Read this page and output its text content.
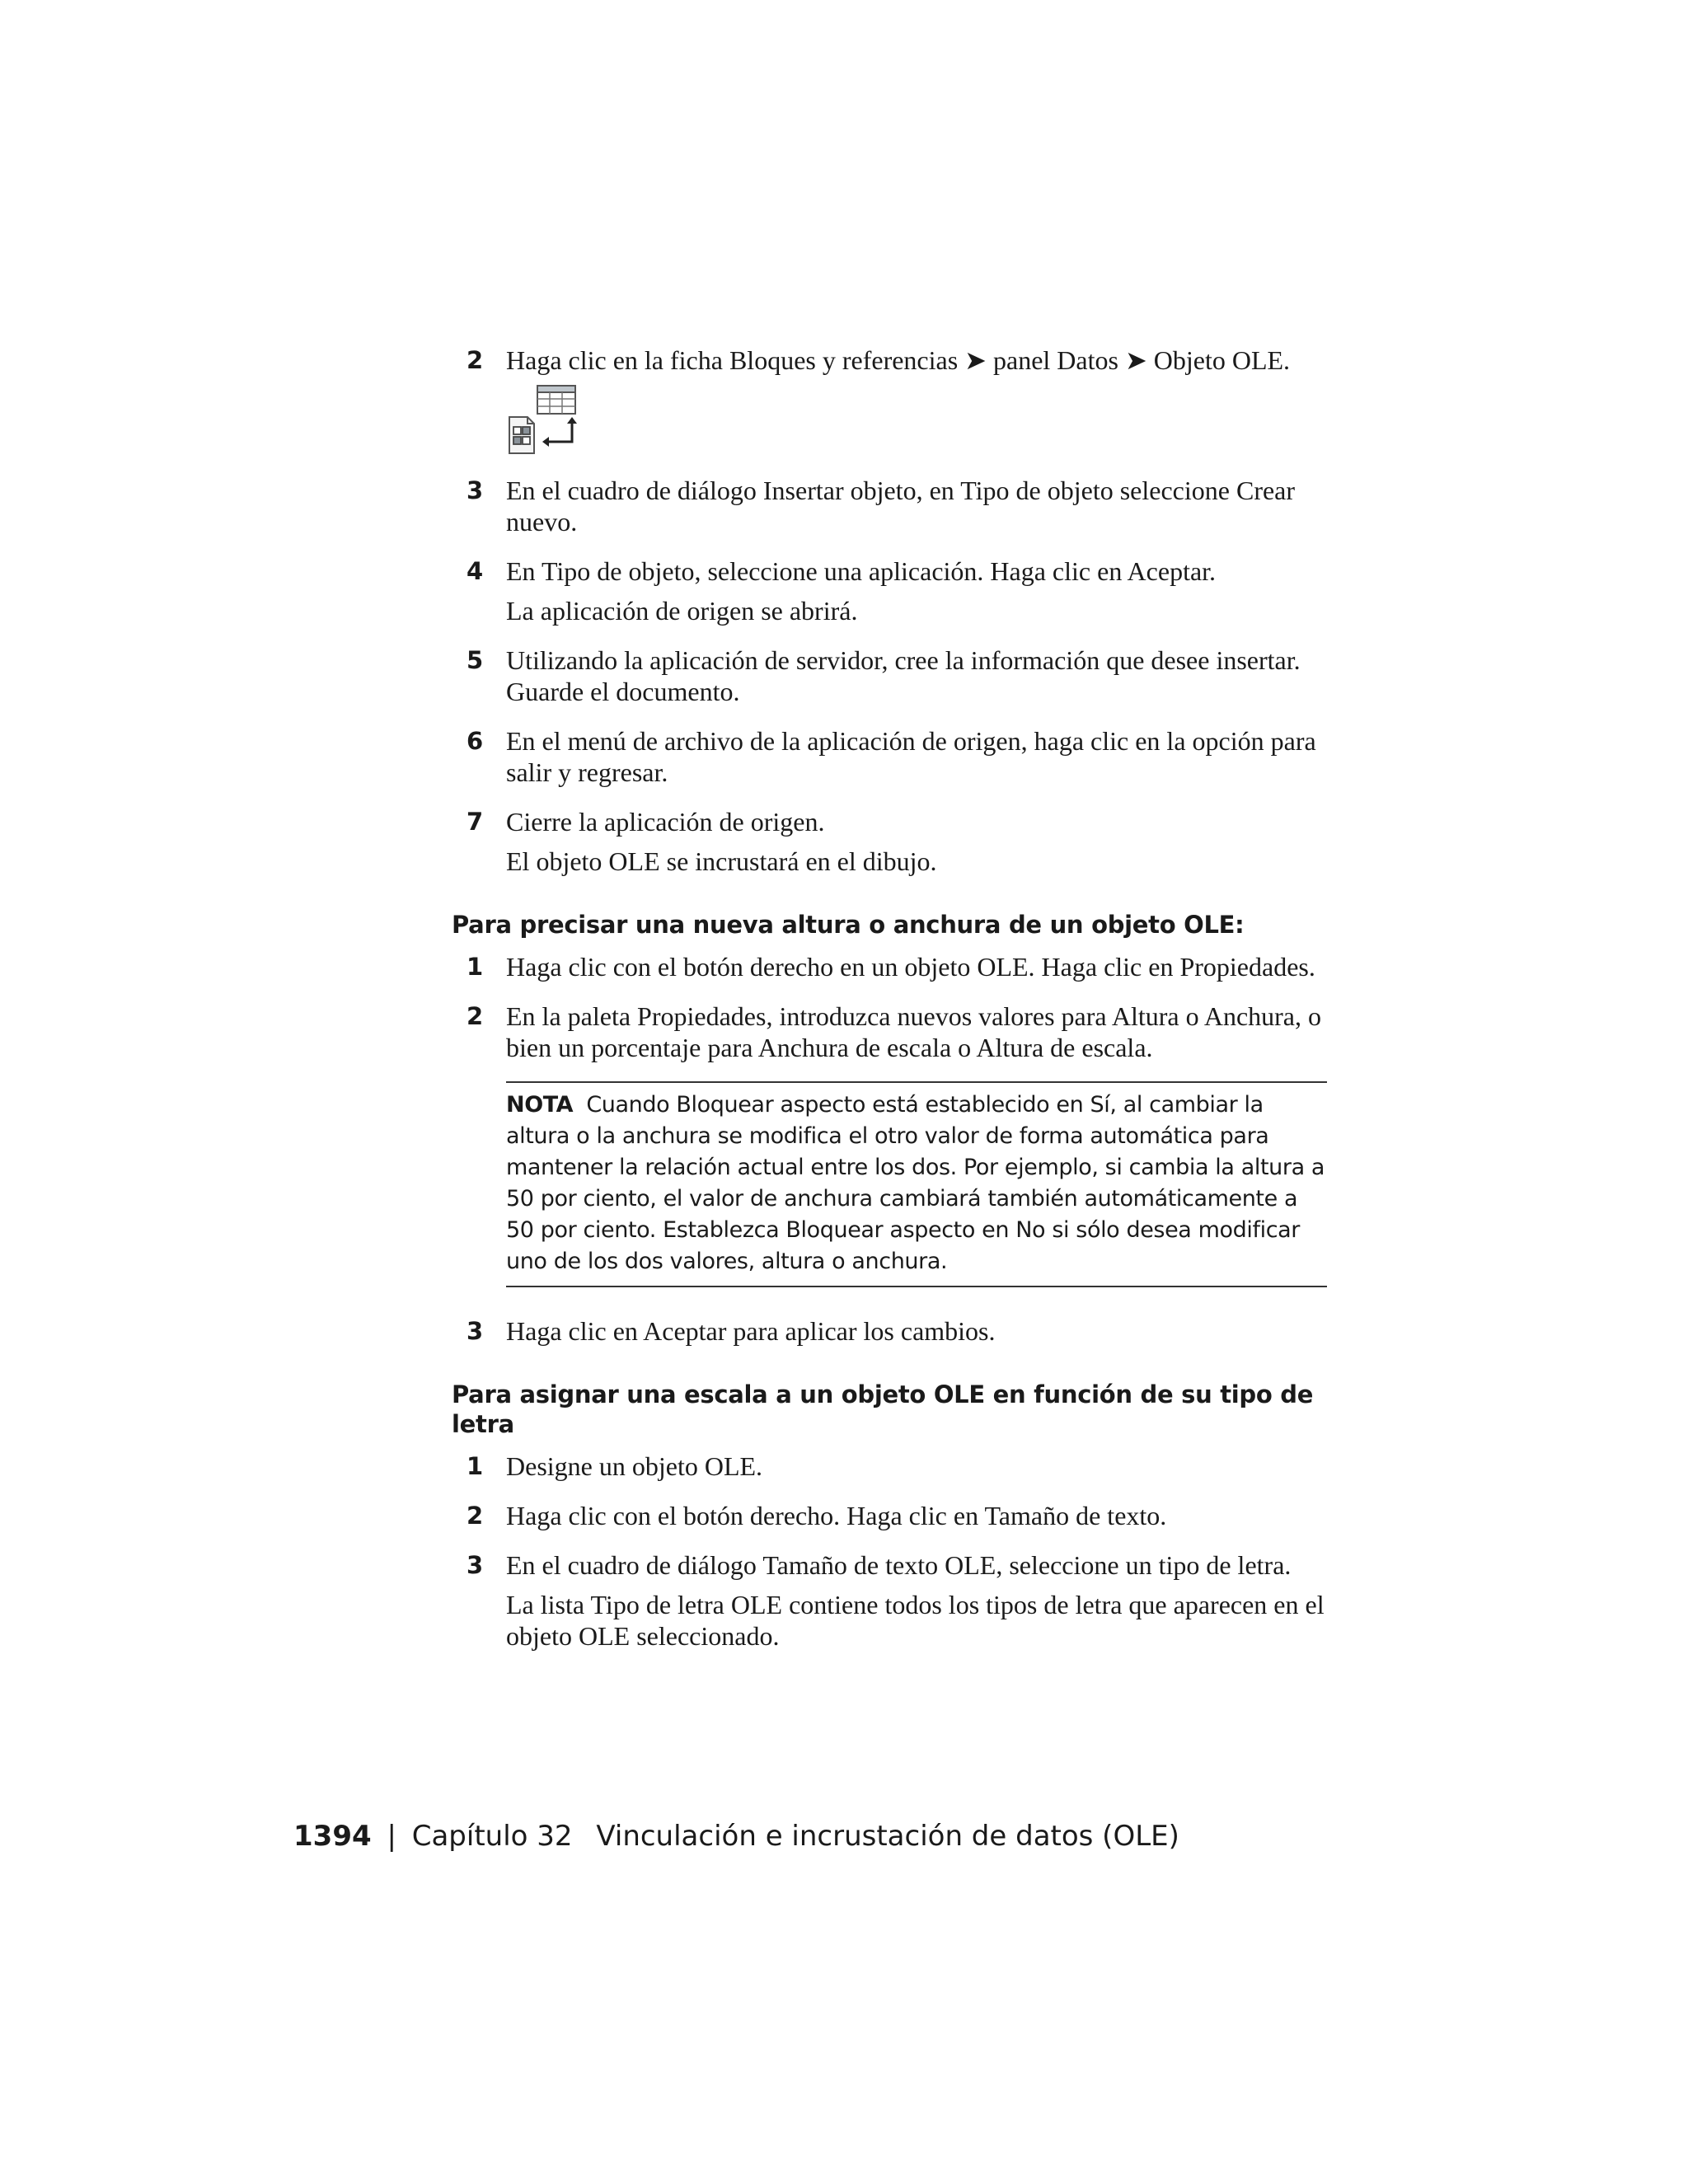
2 Haga clic en la ficha Bloques y referencias ➤ panel Datos ➤ Objeto OLE.
3 En el cuadro de diálogo Insertar objeto, en Tipo de objeto seleccione Crear nuevo.
4 En Tipo de objeto, seleccione una aplicación. Haga clic en Aceptar.
La aplicación de origen se abrirá.
5 Utilizando la aplicación de servidor, cree la información que desee insertar. Guarde el documento.
6 En el menú de archivo de la aplicación de origen, haga clic en la opción para salir y regresar.
7 Cierre la aplicación de origen.
El objeto OLE se incrustará en el dibujo.
Para precisar una nueva altura o anchura de un objeto OLE:
1 Haga clic con el botón derecho en un objeto OLE. Haga clic en Propiedades.
2 En la paleta Propiedades, introduzca nuevos valores para Altura o Anchura, o bien un porcentaje para Anchura de escala o Altura de escala.
NOTA Cuando Bloquear aspecto está establecido en Sí, al cambiar la altura o la anchura se modifica el otro valor de forma automática para mantener la relación actual entre los dos. Por ejemplo, si cambia la altura a 50 por ciento, el valor de anchura cambiará también automáticamente a 50 por ciento. Establezca Bloquear aspecto en No si sólo desea modificar uno de los dos valores, altura o anchura.
3 Haga clic en Aceptar para aplicar los cambios.
Para asignar una escala a un objeto OLE en función de su tipo de letra
1 Designe un objeto OLE.
2 Haga clic con el botón derecho. Haga clic en Tamaño de texto.
3 En el cuadro de diálogo Tamaño de texto OLE, seleccione un tipo de letra.
La lista Tipo de letra OLE contiene todos los tipos de letra que aparecen en el objeto OLE seleccionado.
1394 | Capítulo 32 Vinculación e incrustación de datos (OLE)
